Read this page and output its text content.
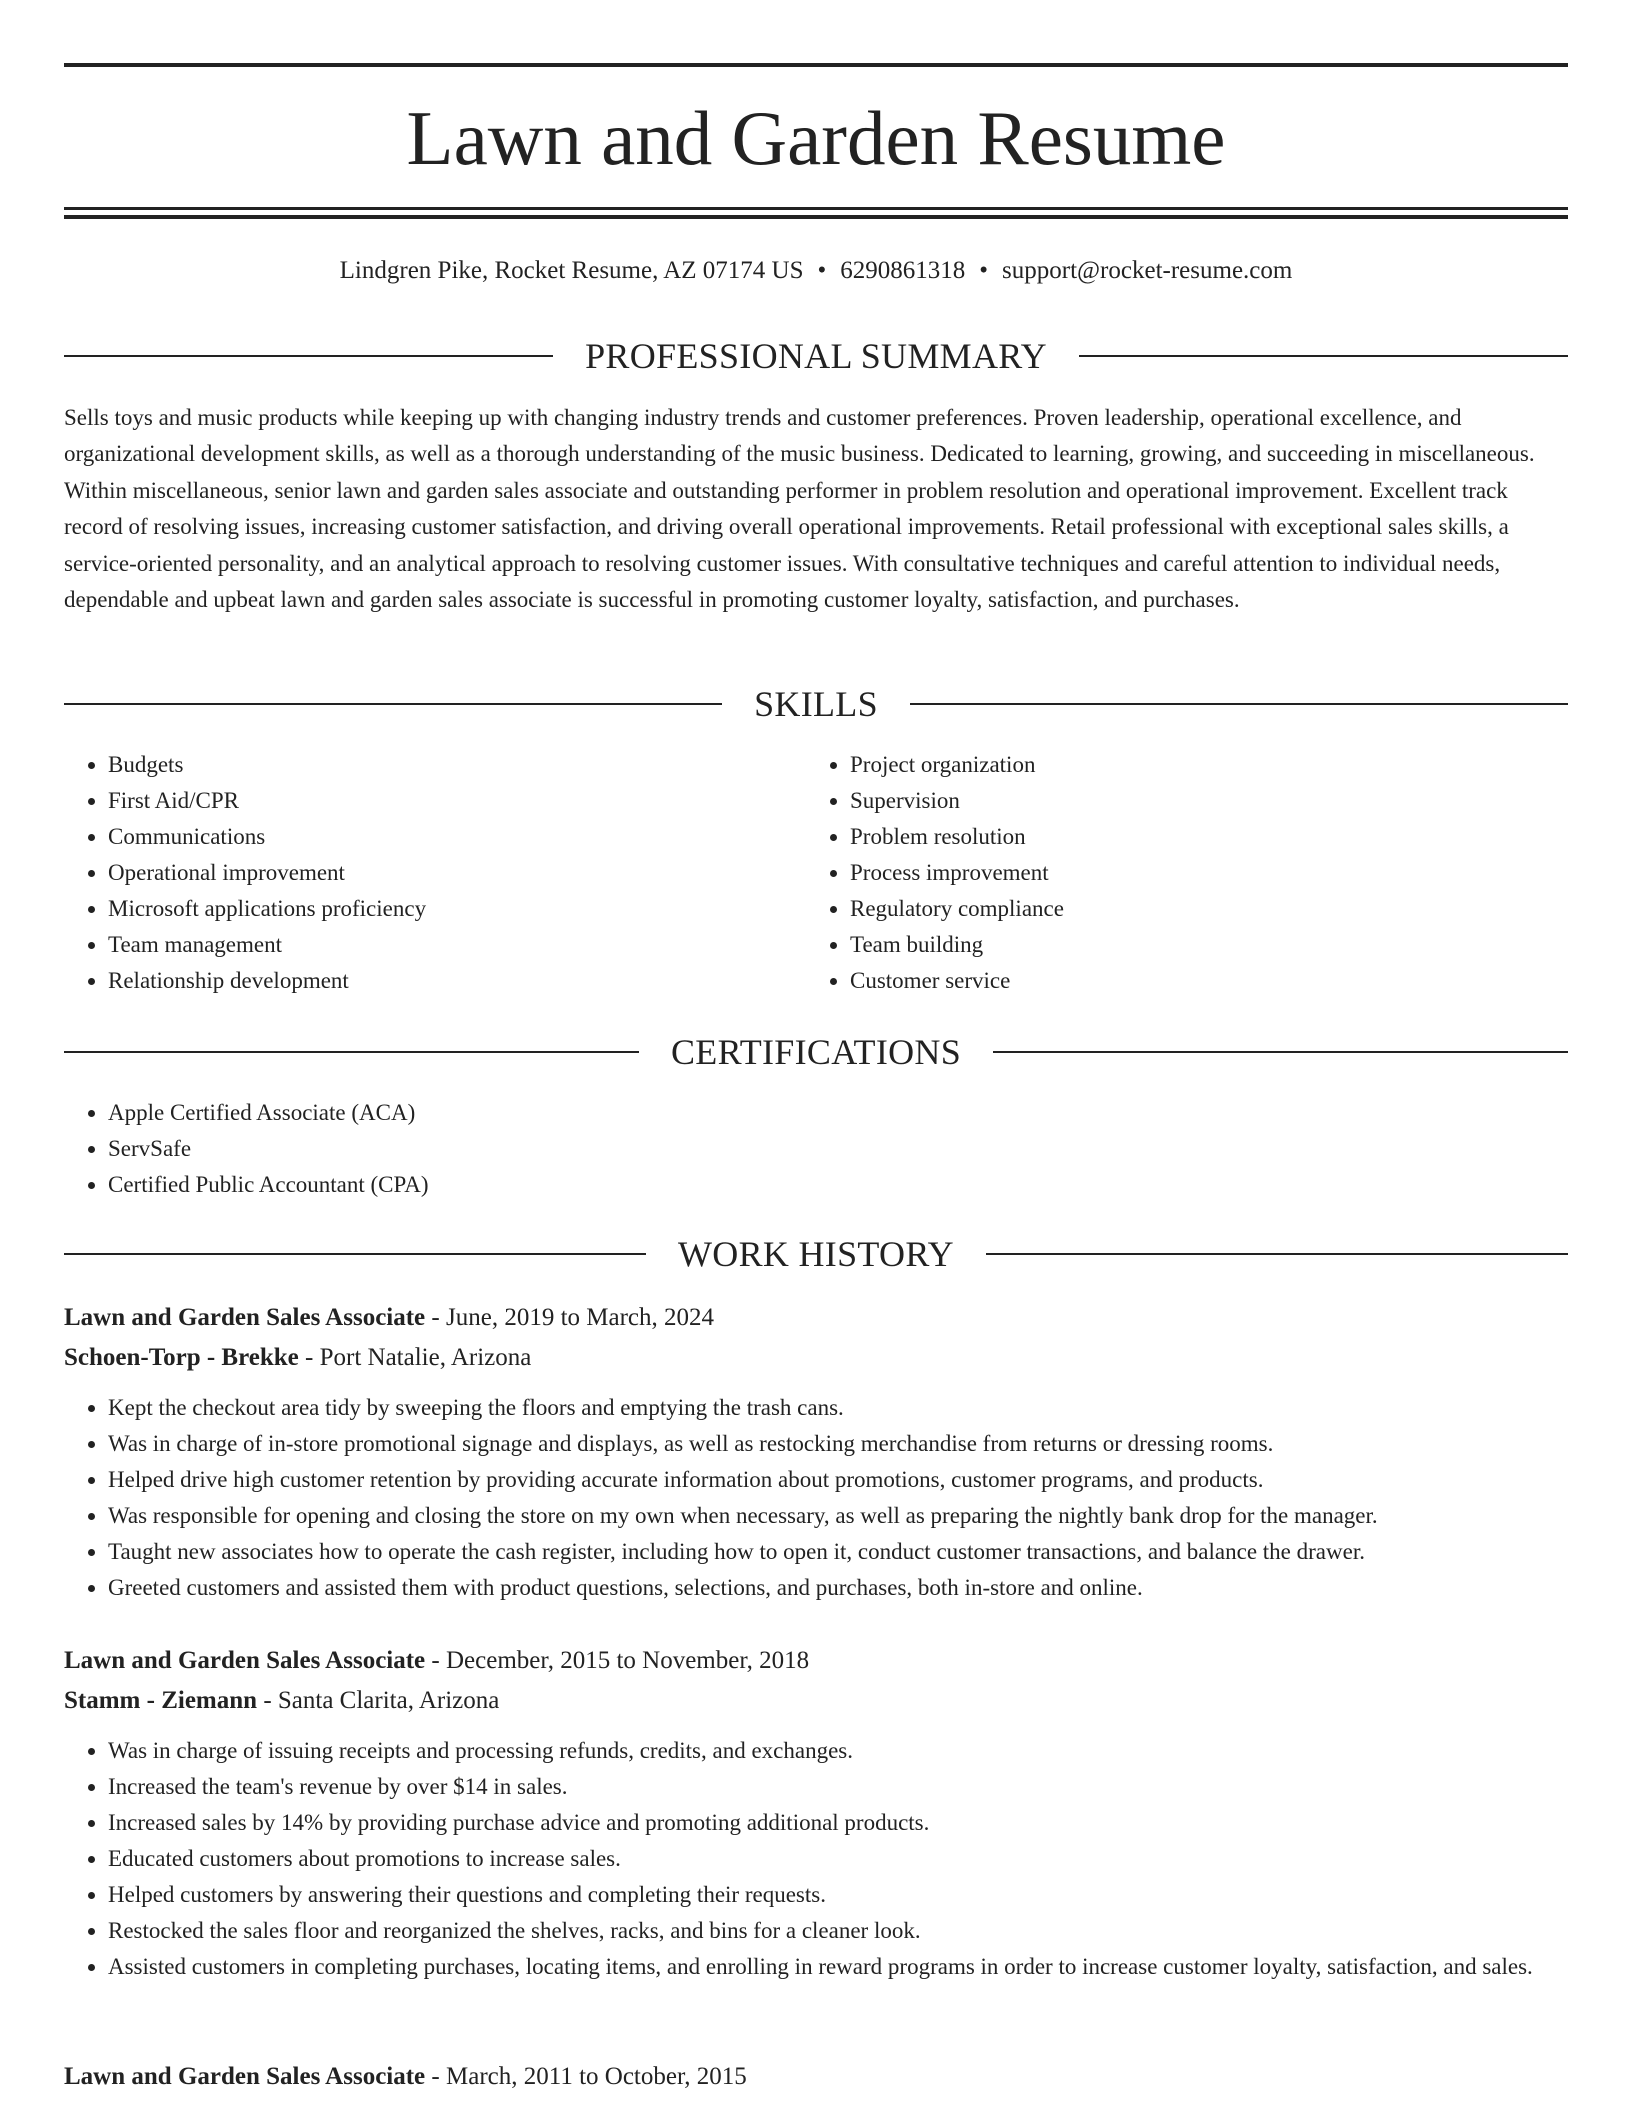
Lawn and Garden Resume
Lindgren Pike, Rocket Resume, AZ 07174 US • 6290861318 • support@rocket-resume.com
PROFESSIONAL SUMMARY

Sells toys and music products while keeping up with changing industry trends and customer preferences. Proven leadership, operational excellence, and organizational development skills, as well as a thorough understanding of the music business. Dedicated to learning, growing, and succeeding in miscellaneous. Within miscellaneous, senior lawn and garden sales associate and outstanding performer in problem resolution and operational improvement. Excellent track record of resolving issues, increasing customer satisfaction, and driving overall operational improvements. Retail professional with exceptional sales skills, a service-oriented personality, and an analytical approach to resolving customer issues. With consultative techniques and careful attention to individual needs, dependable and upbeat lawn and garden sales associate is successful in promoting customer loyalty, satisfaction, and purchases.

SKILLS
• Budgets
• First Aid/CPR
• Communications
• Operational improvement
• Microsoft applications proficiency
• Team management
• Relationship development
• Project organization
• Supervision
• Problem resolution
• Process improvement
• Regulatory compliance
• Team building
• Customer service
CERTIFICATIONS
• Apple Certified Associate (ACA)
• ServSafe
• Certified Public Accountant (CPA)
WORK HISTORY

Lawn and Garden Sales Associate - June, 2019 to March, 2024

Schoen-Torp - Brekke - Port Natalie, Arizona

• Kept the checkout area tidy by sweeping the floors and emptying the trash cans.
• Was in charge of in-store promotional signage and displays, as well as restocking merchandise from returns or dressing rooms.
• Helped drive high customer retention by providing accurate information about promotions, customer programs, and products.
• Was responsible for opening and closing the store on my own when necessary, as well as preparing the nightly bank drop for the manager.
• Taught new associates how to operate the cash register, including how to open it, conduct customer transactions, and balance the drawer.
• Greeted customers and assisted them with product questions, selections, and purchases, both in-store and online.

Lawn and Garden Sales Associate - December, 2015 to November, 2018

Stamm - Ziemann - Santa Clarita, Arizona

• Was in charge of issuing receipts and processing refunds, credits, and exchanges.
• Increased the team's revenue by over $14 in sales.
• Increased sales by 14% by providing purchase advice and promoting additional products.
• Educated customers about promotions to increase sales.
• Helped customers by answering their questions and completing their requests.
• Restocked the sales floor and reorganized the shelves, racks, and bins for a cleaner look.
• Assisted customers in completing purchases, locating items, and enrolling in reward programs in order to increase customer loyalty, satisfaction, and sales.

Lawn and Garden Sales Associate - March, 2011 to October, 2015
